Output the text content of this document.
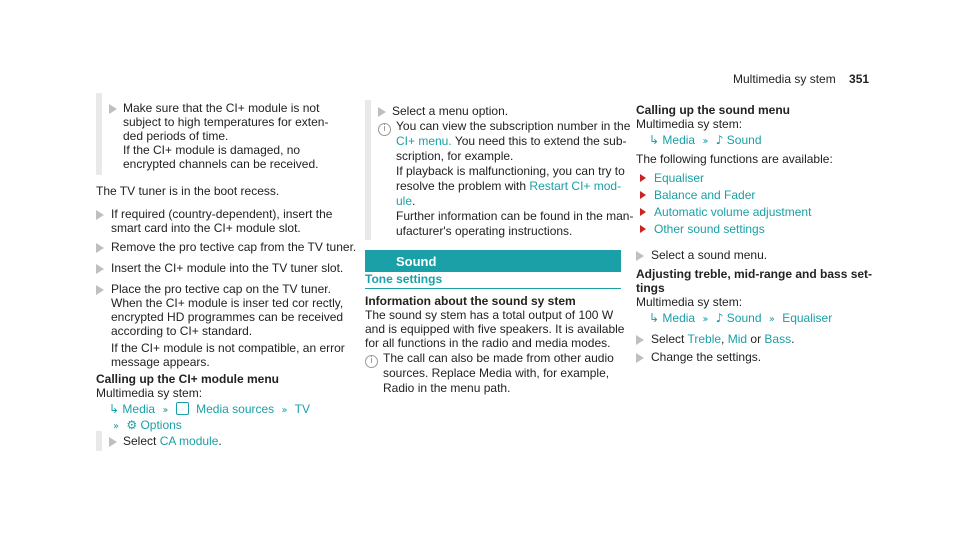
Multimedia sy stem 351
Make sure that the CI+ module is not
subject to high temperatures for exten-
ded periods of time.
If the CI+ module is damaged, no
encrypted channels can be received.
The TV tuner is in the boot recess.
If required (country-dependent), insert the
smart card into the CI+ module slot.
Remove the pro tective cap from the TV tuner.
Insert the CI+ module into the TV tuner slot.
Place the pro tective cap on the TV tuner.
When the CI+ module is inser ted cor rectly,
encrypted HD programmes can be received
according to CI+ standard.
If the CI+ module is not compatible, an error
message appears.
Calling up the CI+ module menu
Multimedia sy stem:
↳ Media ›› Media sources ›› TV
›› ⚙ Options
Select CA module.
Select a menu option.
i You can view the subscription number in the
CI+ menu. You need this to extend the sub-
scription, for example.
If playback is malfunctioning, you can try to
resolve the problem with Restart CI+ mod-
ule.
Further information can be found in the man-
ufacturer's operating instructions.
Sound
Tone settings
Information about the sound sy stem
The sound sy stem has a total output of 100 W
and is equipped with five speakers. It is available
for all functions in the radio and media modes.
i The call can also be made from other audio
sources. Replace Media with, for example,
Radio in the menu path.
Calling up the sound menu
Multimedia sy stem:
↳ Media ›› ♪ Sound
The following functions are available:
Equaliser
Balance and Fader
Automatic volume adjustment
Other sound settings
Select a sound menu.
Adjusting treble, mid-range and bass set-
tings
Multimedia sy stem:
↳ Media ›› ♪ Sound ›› Equaliser
Select Treble, Mid or Bass.
Change the settings.
